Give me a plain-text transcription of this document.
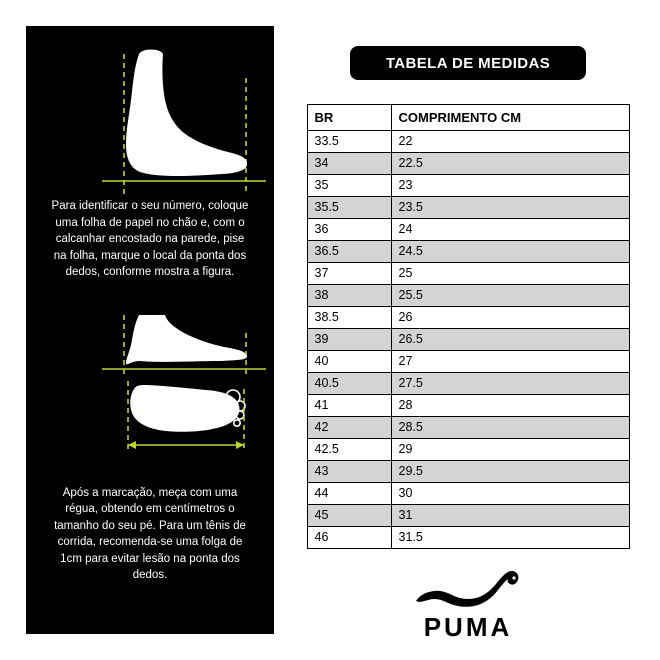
Para identificar o seu número, coloque uma folha de papel no chão e, com o calcanhar encostado na parede, pise na folha, marque o local da ponta dos dedos, conforme mostra a figura.

Após a marcação, meça com uma régua, obtendo em centímetros o tamanho do seu pé. Para um tênis de corrida, recomenda-se uma folga de 1cm para evitar lesão na ponta dos dedos.

TABELA DE MEDIDAS
BR	COMPRIMENTO CM
33.5	22
34	22.5
35	23
35.5	23.5
36	24
36.5	24.5
37	25
38	25.5
38.5	26
39	26.5
40	27
40.5	27.5
41	28
42	28.5
42.5	29
43	29.5
44	30
45	31
46	31.5
PUMA
